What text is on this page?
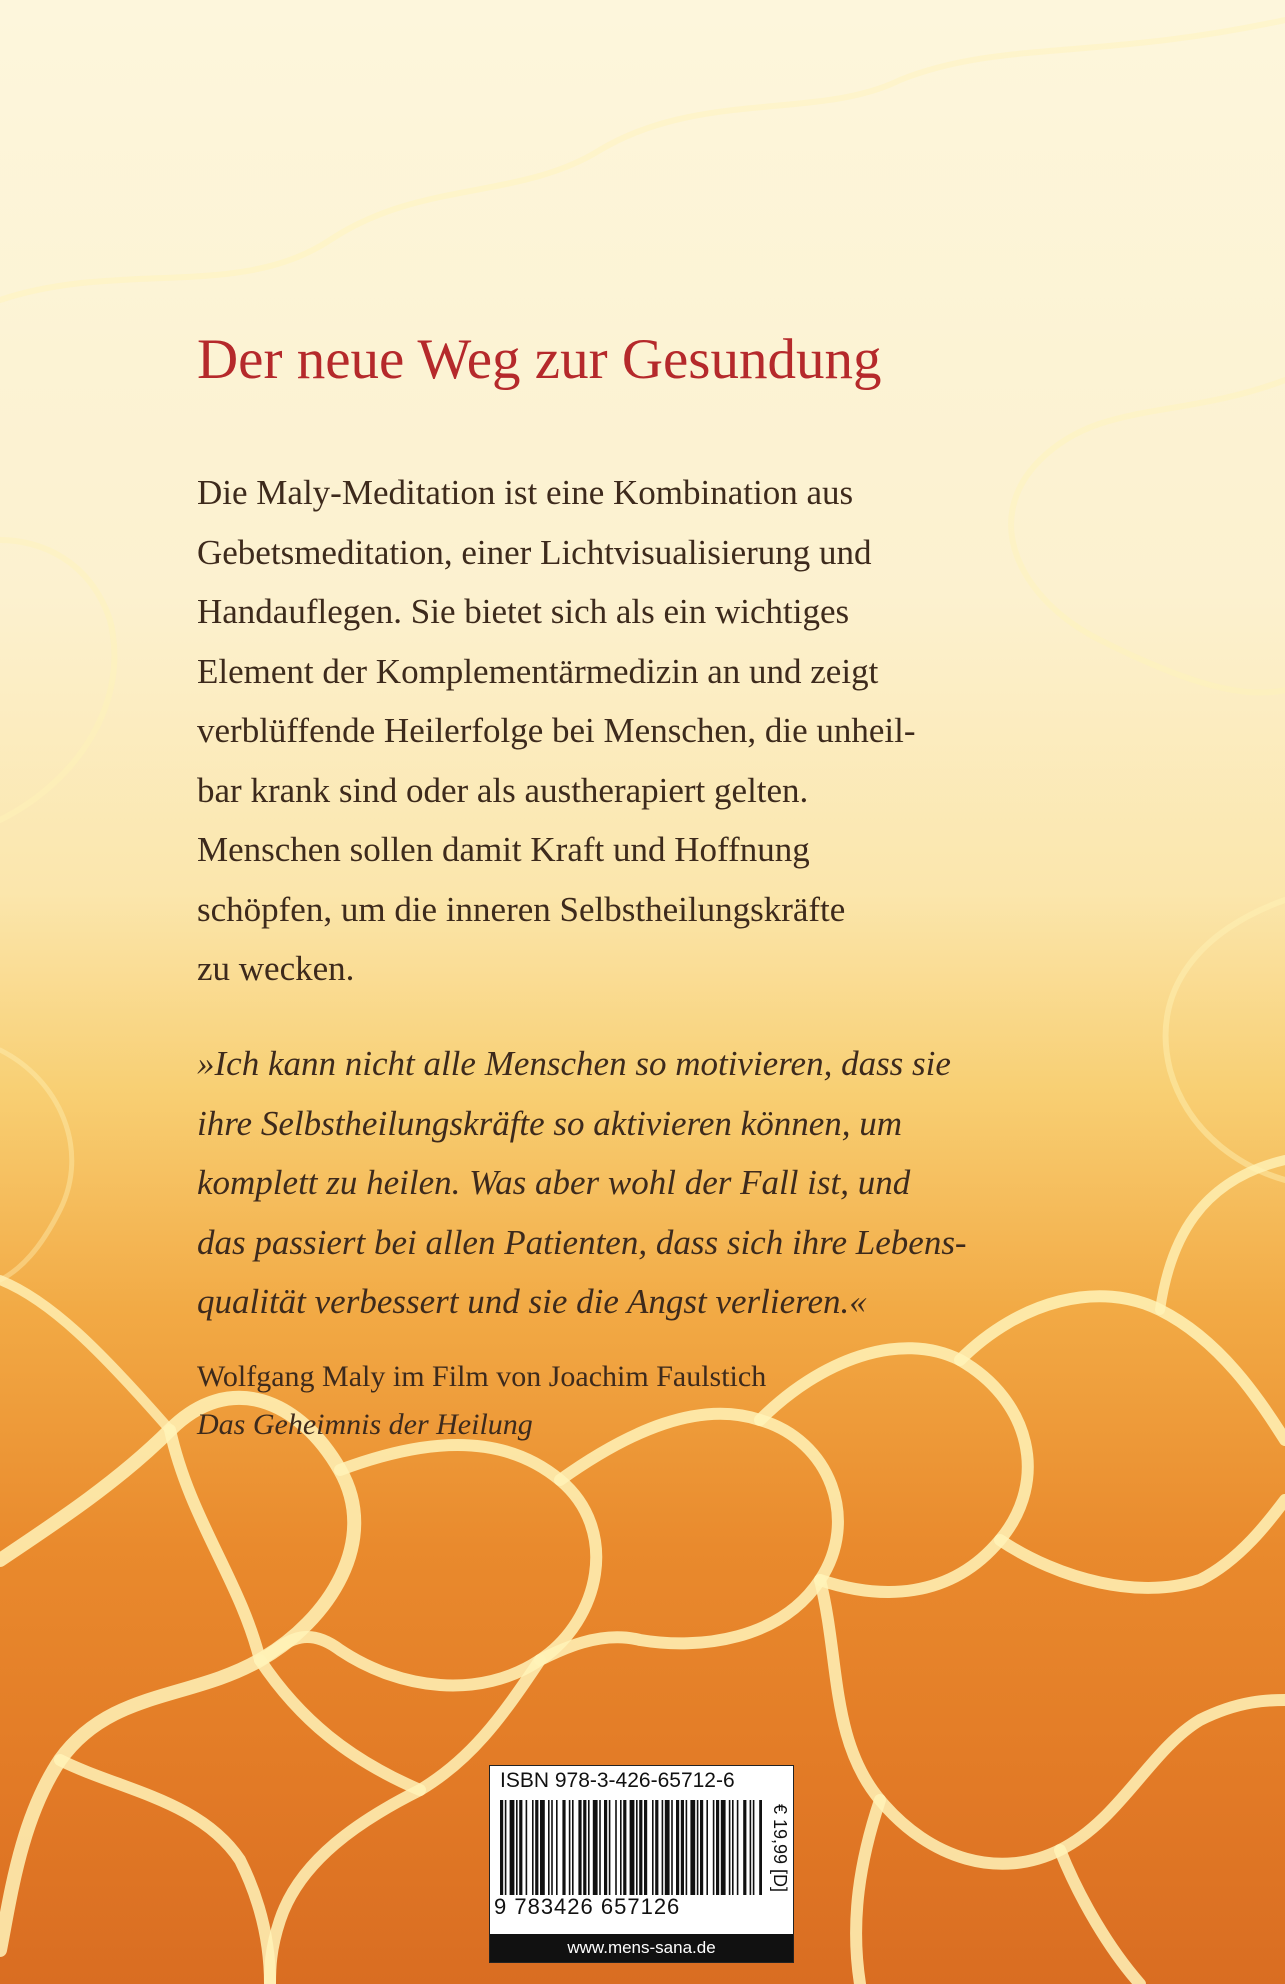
Der neue Weg zur Gesundung
Die Maly-Meditation ist eine Kombination aus
Gebetsmeditation, einer Lichtvisualisierung und
Handauflegen. Sie bietet sich als ein wichtiges
Element der Komplementärmedizin an und zeigt
verblüffende Heilerfolge bei Menschen, die unheil-
bar krank sind oder als austherapiert gelten.
Menschen sollen damit Kraft und Hoffnung
schöpfen, um die inneren Selbstheilungskräfte
zu wecken.
»Ich kann nicht alle Menschen so motivieren, dass sie
ihre Selbstheilungskräfte so aktivieren können, um
komplett zu heilen. Was aber wohl der Fall ist, und
das passiert bei allen Patienten, dass sich ihre Lebens-
qualität verbessert und sie die Angst verlieren.«
Wolfgang Maly im Film von Joachim Faulstich
Das Geheimnis der Heilung
ISBN 978-3-426-65712-6
9 783426 657126
€ 19,99 [D]
www.mens-sana.de
